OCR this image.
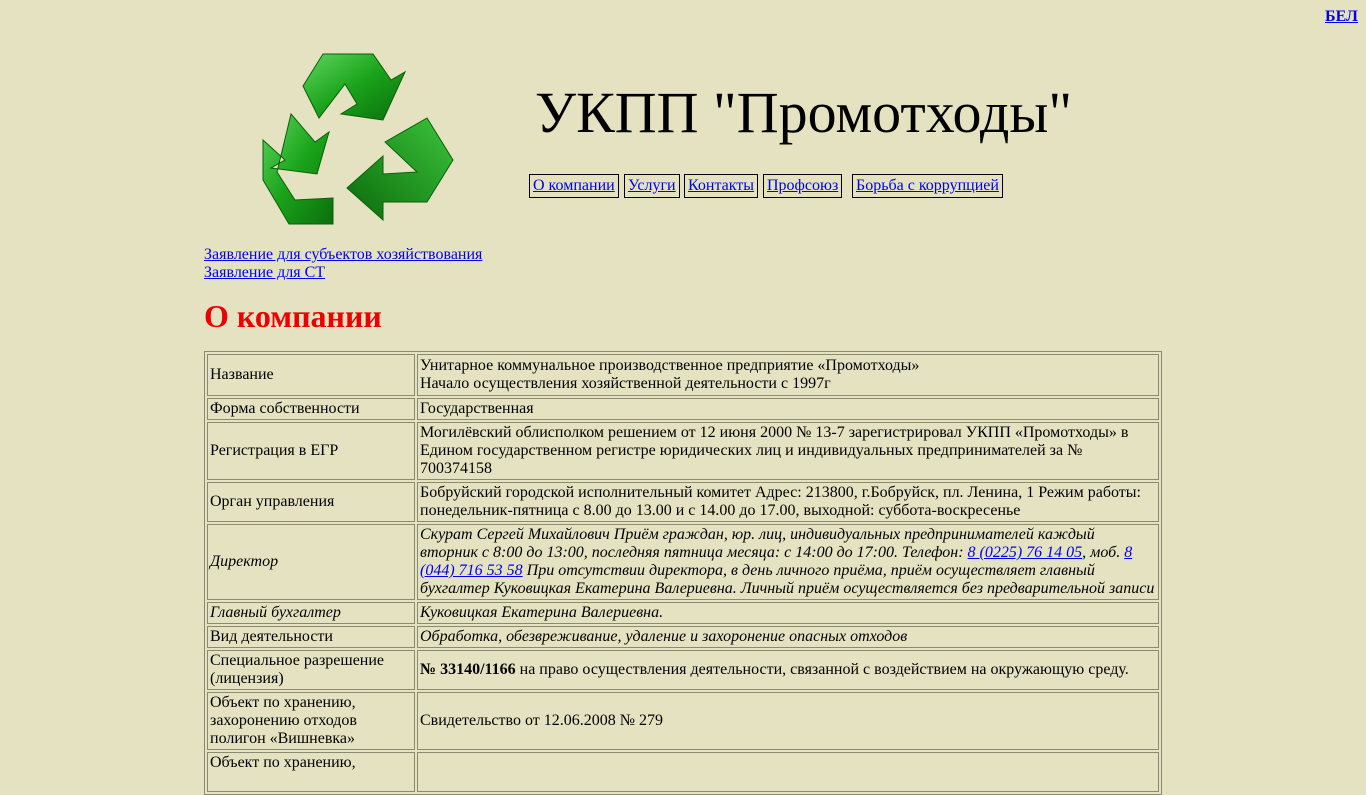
БЕЛ
УКПП "Промотходы"
О компании Услуги Контакты Профсоюз Борьба с коррупцией
Заявление для субъектов хозяйствования
Заявление для СТ
О компании
Название	Унитарное коммунальное производственное предприятие «Промотходы»
Начало осуществления хозяйственной деятельности с 1997г

Форма собственности	Государственная
Регистрация в ЕГР	Могилёвский облисполком решением от 12 июня 2000 № 13-7 зарегистрировал УКПП «Промотходы» в Едином государственном регистре юридических лиц и индивидуальных предпринимателей за № 700374158
Орган управления	Бобруйский городской исполнительный комитет Адрес: 213800, г.Бобруйск, пл. Ленина, 1 Режим работы: понедельник-пятница с 8.00 до 13.00 и с 14.00 до 17.00, выходной: суббота-воскресенье
Директор	Скурат Сергей Михайлович Приём граждан, юр. лиц, индивидуальных предпринимателей каждый вторник с 8:00 до 13:00, последняя пятница месяца: с 14:00 до 17:00. Телефон: 8 (0225) 76 14 05, моб. 8 (044) 716 53 58 При отсутствии директора, в день личного приёма, приём осуществляет главный бухгалтер Куковицкая Екатерина Валериевна. Личный приём осуществляется без предварительной записи
Главный бухгалтер	Куковицкая Екатерина Валериевна.
Вид деятельности	Обработка, обезвреживание, удаление и захоронение опасных отходов
Специальное разрешение (лицензия)	№ 33140/1166 на право осуществления деятельности, связанной с воздействием на окружающую среду.
Объект по хранению, захоронению отходов полигон «Вишневка»	Свидетельство от 12.06.2008 № 279
Объект по хранению,	
